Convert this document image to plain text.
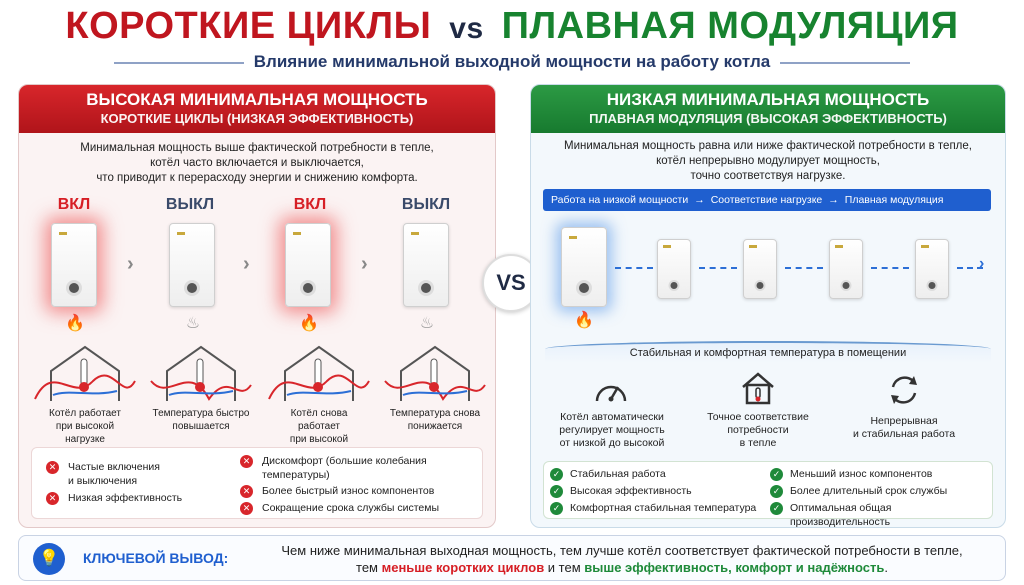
КОРОТКИЕ ЦИКЛЫ vs ПЛАВНАЯ МОДУЛЯЦИЯ
Влияние минимальной выходной мощности на работу котла
ВЫСОКАЯ МИНИМАЛЬНАЯ МОЩНОСТЬ
КОРОТКИЕ ЦИКЛЫ (НИЗКАЯ ЭФФЕКТИВНОСТЬ)
Минимальная мощность выше фактической потребности в тепле,
котёл часто включается и выключается,
что приводит к перерасходу энергии и снижению комфорта.
ВКЛ	ВЫКЛ	ВКЛ	ВЫКЛ
›	›	›
🔥	♨	🔥	♨
Котёл работает
при высокой нагрузке
Температура быстро
повышается
Котёл снова работает
при высокой
Температура снова
понижается
✕ Частые включения
и выключения
✕ Низкая эффективность
✕ Дискомфорт (большие колебания
температуры)
✕ Более быстрый износ компонентов
✕ Сокращение срока службы системы
VS
НИЗКАЯ МИНИМАЛЬНАЯ МОЩНОСТЬ
ПЛАВНАЯ МОДУЛЯЦИЯ (ВЫСОКАЯ ЭФФЕКТИВНОСТЬ)
Минимальная мощность равна или ниже фактической потребности в тепле,
котёл непрерывно модулирует мощность,
точно соответствуя нагрузке.
Работа на низкой мощности → Соответствие нагрузке → Плавная модуляция
🔥
›
Стабильная и комфортная температура в помещении
Котёл автоматически
регулирует мощность
от низкой до высокой
Точное соответствие
потребности
в тепле
Непрерывная
и стабильная работа
✓ Стабильная работа
✓ Высокая эффективность
✓ Комфортная стабильная температура
✓ Меньший износ компонентов
✓ Более длительный срок службы
✓ Оптимальная общая производительность
💡	КЛЮЧЕВОЙ ВЫВОД:	Чем ниже минимальная выходная мощность, тем лучше котёл соответствует фактической потребности в тепле,
тем меньше коротких циклов и тем выше эффективность, комфорт и надёжность.
